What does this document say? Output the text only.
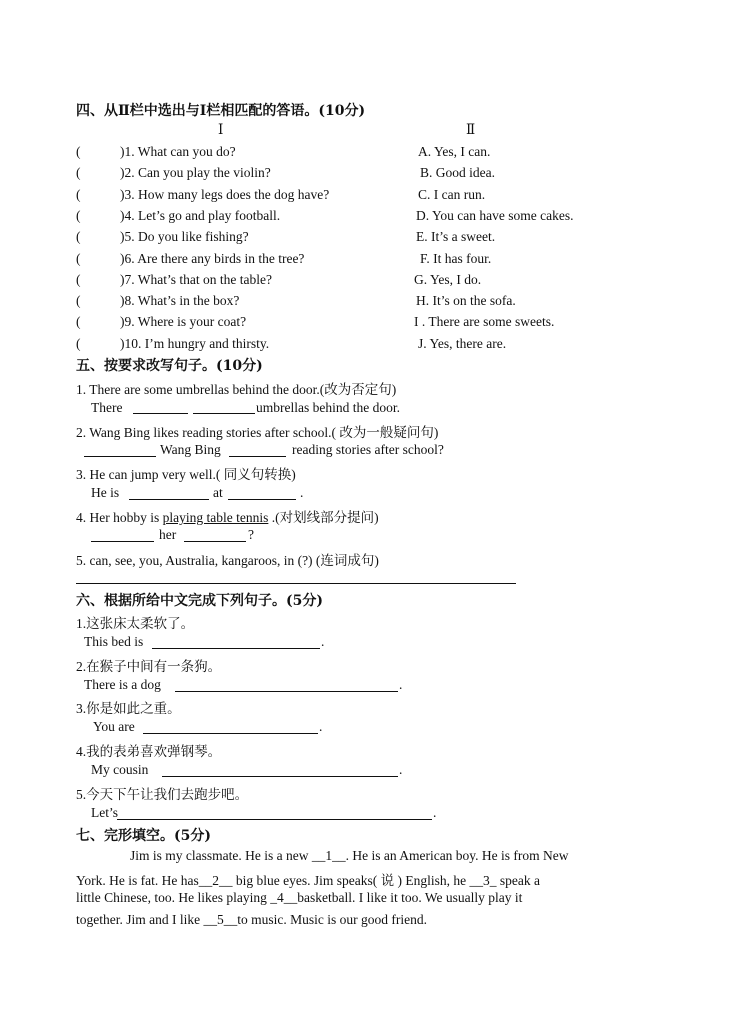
四、从Ⅱ栏中选出与Ⅰ栏相匹配的答语。(10分)
Ⅰ	Ⅱ
(	)1. What can you do?	A. Yes, I can.
(	)2. Can you play the violin?	B. Good idea.
(	)3. How many legs does the dog have?	C. I can run.
(	)4. Let’s go and play football.	D. You can have some cakes.
(	)5. Do you like fishing?	E. It’s a sweet.
(	)6. Are there any birds in the tree?	F. It has four.
(	)7. What’s that on the table?	G. Yes, I do.
(	)8. What’s in the box?	H. It’s on the sofa.
(	)9. Where is your coat?	I . There are some sweets.
(	)10. I’m hungry and thirsty.	J. Yes, there are.
五、按要求改写句子。(10分)
1. There are some umbrellas behind the door.(改为否定句)
There	umbrellas behind the door.
2. Wang Bing likes reading stories after school.( 改为一般疑问句)
Wang Bing	reading stories after school?
3. He can jump very well.( 同义句转换)
He is	at	.
4. Her hobby is playing table tennis .(对划线部分提问)
her	?
5. can, see, you, Australia, kangaroos, in (?) (连词成句)
六、根据所给中文完成下列句子。(5分)
1.这张床太柔软了。
This bed is	.
2.在猴子中间有一条狗。
There is a dog	.
3.你是如此之重。
You are	.
4.我的表弟喜欢弹钢琴。
My cousin	.
5.今天下午让我们去跑步吧。
Let’s	.
七、完形填空。(5分)
Jim is my classmate. He is a new __1__. He is an American boy. He is from New
York. He is fat. He has__2__ big blue eyes. Jim speaks( 说 ) English, he __3_ speak a
little Chinese, too. He likes playing _4__basketball. I like it too. We usually play it
together. Jim and I like __5__to music. Music is our good friend.
